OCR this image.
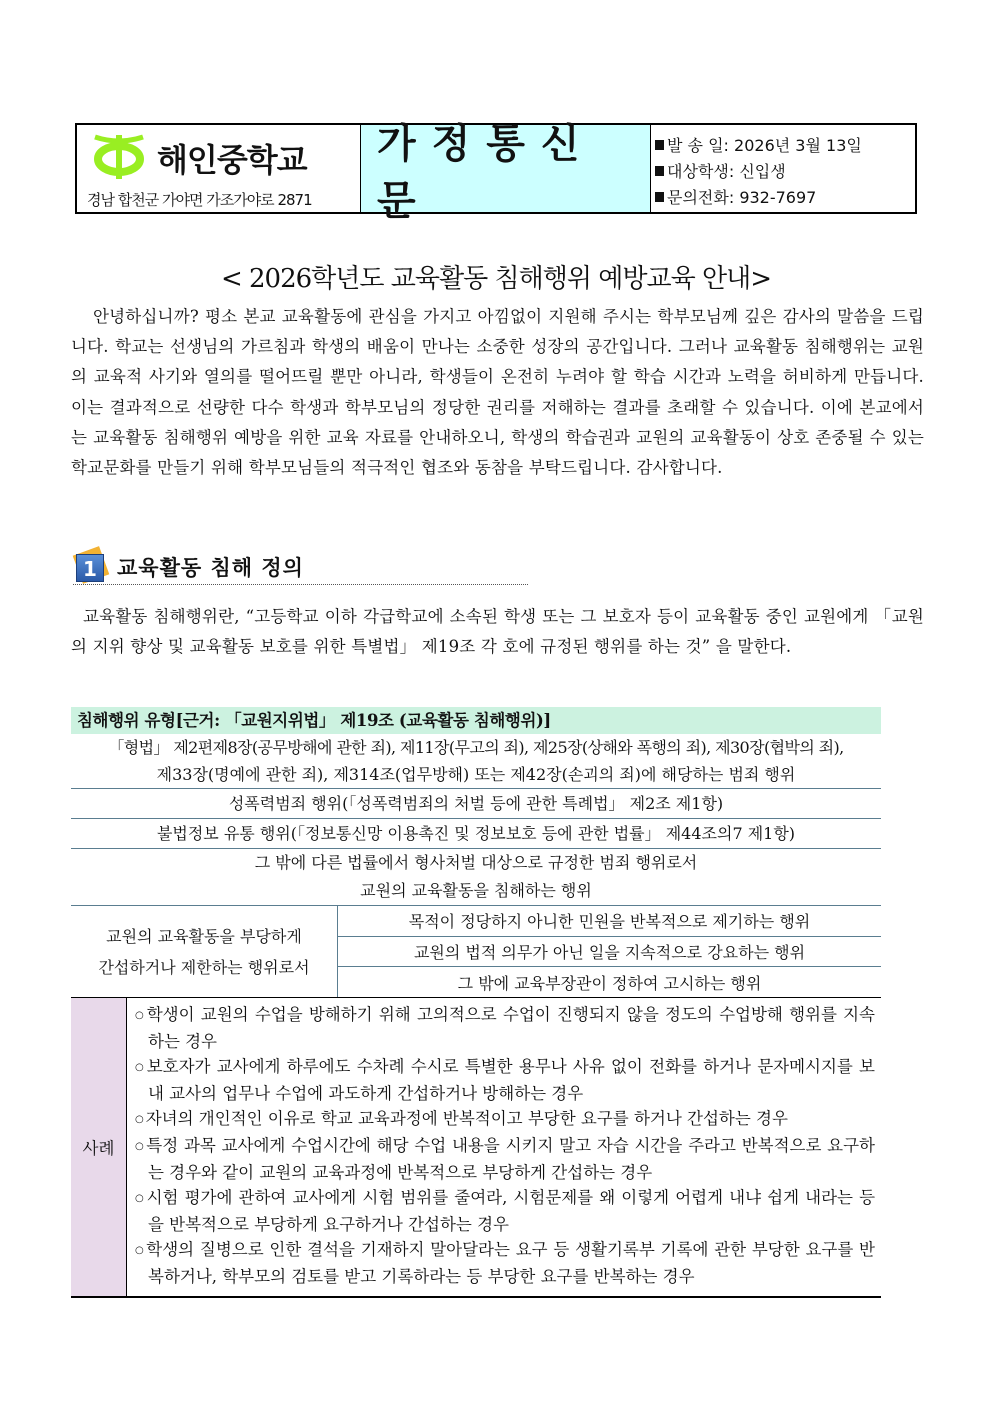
해인중학교
경남 합천군 가야면 가조가야로 2871
가정통신문
발 송 일: 2026년 3월 13일
대상학생: 신입생
문의전화: 932-7697
< 2026학년도 교육활동 침해행위 예방교육 안내>
안녕하십니까? 평소 본교 교육활동에 관심을 가지고 아낌없이 지원해 주시는 학부모님께 깊은 감사의 말씀을 드립니다. 학교는 선생님의 가르침과 학생의 배움이 만나는 소중한 성장의 공간입니다. 그러나 교육활동 침해행위는 교원의 교육적 사기와 열의를 떨어뜨릴 뿐만 아니라, 학생들이 온전히 누려야 할 학습 시간과 노력을 허비하게 만듭니다. 이는 결과적으로 선량한 다수 학생과 학부모님의 정당한 권리를 저해하는 결과를 초래할 수 있습니다. 이에 본교에서는 교육활동 침해행위 예방을 위한 교육 자료를 안내하오니, 학생의 학습권과 교원의 교육활동이 상호 존중될 수 있는 학교문화를 만들기 위해 학부모님들의 적극적인 협조와 동참을 부탁드립니다. 감사합니다.
1 교육활동 침해 정의
교육활동 침해행위란, “고등학교 이하 각급학교에 소속된 학생 또는 그 보호자 등이 교육활동 중인 교원에게 「교원의 지위 향상 및 교육활동 보호를 위한 특별법」 제19조 각 호에 규정된 행위를 하는 것” 을 말한다.
침해행위 유형[근거: 「교원지위법」 제19조 (교육활동 침해행위)]
「형법」 제2편제8장(공무방해에 관한 죄), 제11장(무고의 죄), 제25장(상해와 폭행의 죄), 제30장(협박의 죄),
제33장(명예에 관한 죄), 제314조(업무방해) 또는 제42장(손괴의 죄)에 해당하는 범죄 행위
성폭력범죄 행위(「성폭력범죄의 처벌 등에 관한 특례법」 제2조 제1항)
불법정보 유통 행위(「정보통신망 이용촉진 및 정보보호 등에 관한 법률」 제44조의7 제1항)
그 밖에 다른 법률에서 형사처벌 대상으로 규정한 범죄 행위로서
교원의 교육활동을 침해하는 행위
교원의 교육활동을 부당하게
간섭하거나 제한하는 행위로서
목적이 정당하지 아니한 민원을 반복적으로 제기하는 행위
교원의 법적 의무가 아닌 일을 지속적으로 강요하는 행위
그 밖에 교육부장관이 정하여 고시하는 행위
사례
○ 학생이 교원의 수업을 방해하기 위해 고의적으로 수업이 진행되지 않을 정도의 수업방해 행위를 지속하는 경우
○ 보호자가 교사에게 하루에도 수차례 수시로 특별한 용무나 사유 없이 전화를 하거나 문자메시지를 보내 교사의 업무나 수업에 과도하게 간섭하거나 방해하는 경우
○ 자녀의 개인적인 이유로 학교 교육과정에 반복적이고 부당한 요구를 하거나 간섭하는 경우
○ 특정 과목 교사에게 수업시간에 해당 수업 내용을 시키지 말고 자습 시간을 주라고 반복적으로 요구하는 경우와 같이 교원의 교육과정에 반복적으로 부당하게 간섭하는 경우
○ 시험 평가에 관하여 교사에게 시험 범위를 줄여라, 시험문제를 왜 이렇게 어렵게 내냐 쉽게 내라는 등을 반복적으로 부당하게 요구하거나 간섭하는 경우
○ 학생의 질병으로 인한 결석을 기재하지 말아달라는 요구 등 생활기록부 기록에 관한 부당한 요구를 반복하거나, 학부모의 검토를 받고 기록하라는 등 부당한 요구를 반복하는 경우
